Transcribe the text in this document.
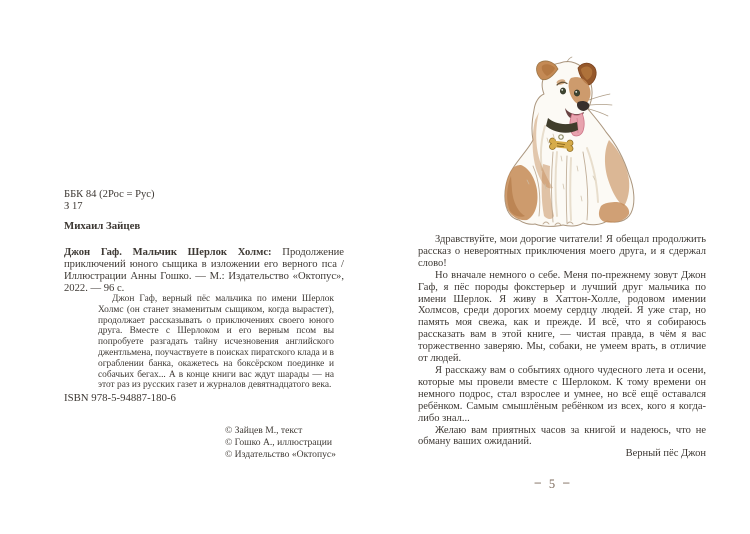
ББК 84 (2Рос = Рус)
З 17
Михаил Зайцев

Джон Гаф. Мальчик Шерлок Холмс: Продолжение приключений юного сыщика в изложении его верного пса / Иллюстрации Анны Гошко. — М.: Издательство «Октопус», 2022. — 96 с.

Джон Гаф, верный пёс мальчика по имени Шерлок Холмс (он станет знаменитым сыщиком, когда вырастет), продолжает рассказывать о приключениях своего юного друга. Вместе с Шерлоком и его верным псом вы попробуете разгадать тайну исчезновения английского джентльмена, поучаствуете в поисках пиратского клада и в ограблении банка, окажетесь на боксёрском поединке и собачьих бегах... А в конце книги вас ждут шарады — на этот раз из русских газет и журналов девятнадцатого века.

ISBN 978-5-94887-180-6
© Зайцев М., текст
© Гошко А., иллюстрации
© Издательство «Октопус»

Здравствуйте, мои дорогие читатели! Я обещал продолжить рассказ о невероятных приключения моего друга, и я сдержал слово!

Но вначале немного о себе. Меня по-прежнему зовут Джон Гаф, я пёс породы фокстерьер и лучший друг мальчика по имени Шерлок. Я живу в Хаттон-Холле, родовом имении Холмсов, среди дорогих моему сердцу людей. Я уже стар, но память моя свежа, как и прежде. И всё, что я собираюсь рассказать вам в этой книге, — чистая правда, в чём я вас торжественно заверяю. Мы, собаки, не умеем врать, в отличие от людей.

Я расскажу вам о событиях одного чудесного лета и осени, которые мы провели вместе с Шерлоком. К тому времени он немного подрос, стал взрослее и умнее, но всё ещё оставался ребёнком. Самым смышлёным ребёнком из всех, кого я когда-либо знал...

Желаю вам приятных часов за книгой и надеюсь, что не обману ваших ожиданий.

Верный пёс Джон

– 5 –
